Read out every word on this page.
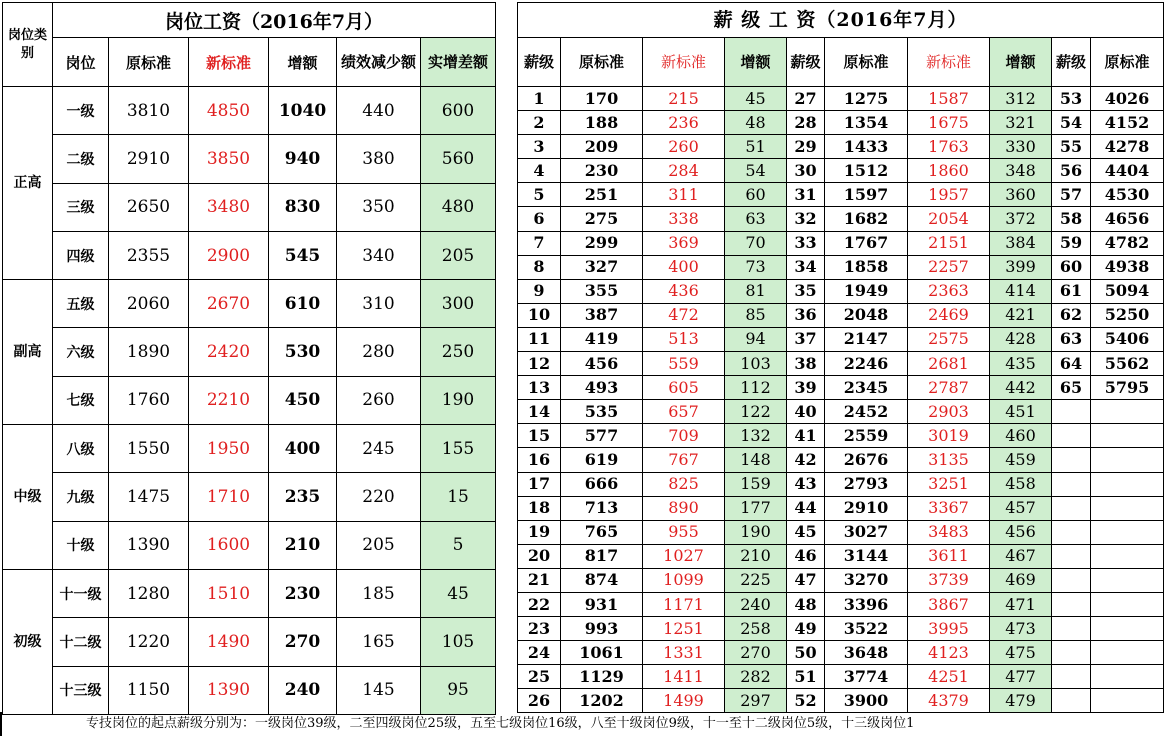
岗位类别	岗位工资（2016年7月）					
	岗位	原标准	新标准	增额	绩效减少额	实增差额
正高	一级	3810	4850	1040	440	600
	二级	2910	3850	940	380	560
	三级	2650	3480	830	350	480
	四级	2355	2900	545	340	205
副高	五级	2060	2670	610	310	300
	六级	1890	2420	530	280	250
	七级	1760	2210	450	260	190
中级	八级	1550	1950	400	245	155
	九级	1475	1710	235	220	15
	十级	1390	1600	210	205	5
初级	十一级	1280	1510	230	185	45
	十二级	1220	1490	270	165	105
	十三级	1150	1390	240	145	95
薪 级 工 资（2016年7月）									
薪级	原标准	新标准	增额	薪级	原标准	新标准	增额	薪级	原标准
1	170	215	45	27	1275	1587	312	53	4026
2	188	236	48	28	1354	1675	321	54	4152
3	209	260	51	29	1433	1763	330	55	4278
4	230	284	54	30	1512	1860	348	56	4404
5	251	311	60	31	1597	1957	360	57	4530
6	275	338	63	32	1682	2054	372	58	4656
7	299	369	70	33	1767	2151	384	59	4782
8	327	400	73	34	1858	2257	399	60	4938
9	355	436	81	35	1949	2363	414	61	5094
10	387	472	85	36	2048	2469	421	62	5250
11	419	513	94	37	2147	2575	428	63	5406
12	456	559	103	38	2246	2681	435	64	5562
13	493	605	112	39	2345	2787	442	65	5795
14	535	657	122	40	2452	2903	451		
15	577	709	132	41	2559	3019	460		
16	619	767	148	42	2676	3135	459		
17	666	825	159	43	2793	3251	458		
18	713	890	177	44	2910	3367	457		
19	765	955	190	45	3027	3483	456		
20	817	1027	210	46	3144	3611	467		
21	874	1099	225	47	3270	3739	469		
22	931	1171	240	48	3396	3867	471		
23	993	1251	258	49	3522	3995	473		
24	1061	1331	270	50	3648	4123	475		
25	1129	1411	282	51	3774	4251	477		
26	1202	1499	297	52	3900	4379	479		
专技岗位的起点薪级分别为：一级岗位39级，二至四级岗位25级，五至七级岗位16级，八至十级岗位9级，十一至十二级岗位5级，十三级岗位1
